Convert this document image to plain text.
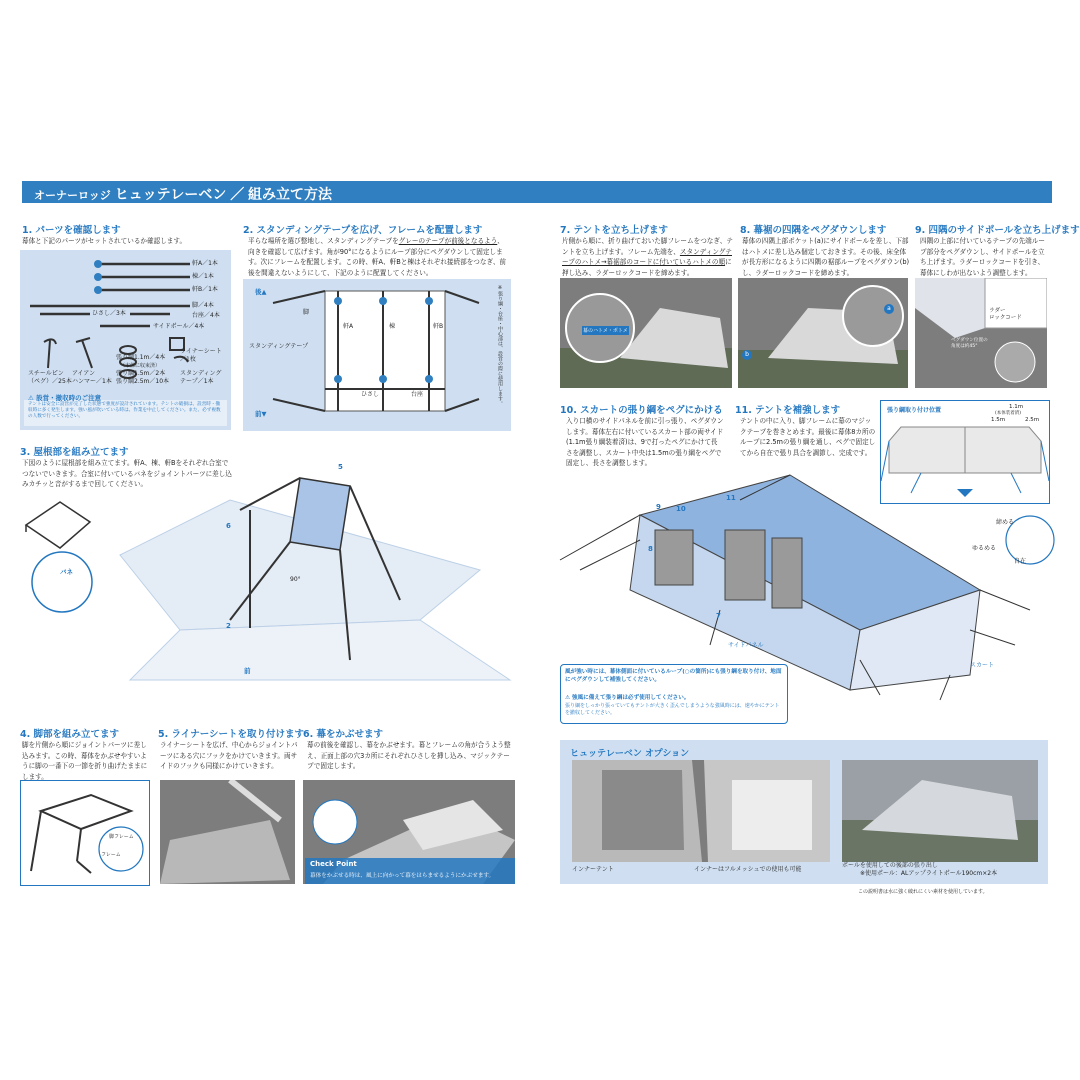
オーナーロッジ ヒュッテレーベン ／ 組み立て方法
1. パーツを確認します
幕体と下記のパーツがセットされているか確認します。
軒A／1本
棟／1本
軒B／1本
脚／4本
ひさし／3本	台座／4本
サイドポール／4本
スチールピン
（ペグ）／25本
アイアン
ハンマー／1本
張り綱1.1m／4本
（本体に収束済）
張り綱1.5m／2本
張り綱2.5m／10本
ライナーシート
／1枚
スタンディング
テープ／1本
⚠ 設営・撤収時のご注意
テントは安全に設営が完了した状態で強度が設計されています。テントの破損は、設営時・撤収時に多く発生します。強い風が吹いている時は、作業を中止してください。また、必ず複数の人数で行ってください。
2. スタンディングテープを広げ、フレームを配置します
平らな場所を選び整地し、スタンディングテープをグレーのテープが前後となるよう、向きを確認して広げます。角が90°になるようにループ部分にペグダウンして固定します。次にフレームを配置します。この時、軒A、軒Bと棟はそれぞれ接続部をつなぎ、前後を間違えないようにして、下記のように配置してください。
後▲
前▼
脚
軒A	棟	軒B
スタンディングテープ
ひさし	台座	※張り綱・台座・中心部は、設営の際に使用します。
3. 屋根部を組み立てます
下図のように屋根部を組み立てます。軒A、棟、軒Bをそれぞれ合室でつないでいきます。合室に付いているバネをジョイントパーツに差し込みカチッと音がするまで回してください。
バネ
前
5
6
2
90°
4. 脚部を組み立てます
脚を片側から順にジョイントパーツに差し込みます。この時、幕体をかぶせやすいように脚の一番下の一節を折り曲げたままにします。
脚フレーム
フレーム
5. ライナーシートを取り付けます
ライナーシートを広げ、中心からジョイントパーツにある穴にフックをかけていきます。両サイドのフックも同様にかけていきます。
6. 幕をかぶせます
幕の前後を確認し、幕をかぶせます。幕とフレームの角が合うよう整え、正面上部の穴3カ所にそれぞれひさしを挿し込み、マジックテープで固定します。
Check Point
幕体をかぶせる時は、風上に向かって幕をはらませるようにかぶせます。
7. テントを立ち上げます
片側から順に、折り曲げておいた脚フレームをつなぎ、テントを立ち上げます。フレーム先端を、スタンディングテープのハトメ→幕裾部のコードに付いているハトメの順に押し込み、ラダーロックコードを締めます。
幕のハトメ・ボトメ
8. 幕裾の四隅をペグダウンします
幕体の四隅上部ポケット(a)にサイドポールを差し、下部はハトメに差し込み個定しておきます。その後、床全体が長方形になるように四隅の裾部ループをペグダウン(b)し、ラダーロックコードを締めます。
a
b
9. 四隅のサイドポールを立ち上げます
四隅の上部に付いているテープの先端ループ部分をペグダウンし、サイドポールを立ち上げます。ラダーロックコードを引き、幕体にしわが出ないよう調整します。
ラダー
ロックコード
ペグダウン位置の
角度は約45°
10. スカートの張り綱をペグにかける
入り口横のサイドパネルを前に引っ張り、ペグダウンします。幕体左右に付いているスカート部の両サイド(1.1m張り綱装着済)は、9で打ったペグにかけて長さを調整し、スカート中央は1.5mの張り綱をペグで固定し、長さを調整します。
11. テントを補強します
テントの中に入り、脚フレームに幕のマジックテープを巻きとめます。最後に幕体8カ所のループに2.5mの張り綱を通し、ペグで固定してから自在で張り具合を調節し、完成です。
張り綱取り付け位置	1.1m
(本体装着済)
1.5m	2.5m
9 10
11
8
7
サイドパネル
スカート
締める
ゆるめる
自在
風が強い時には、幕体側面に付いているループ(○の箇所)にも張り綱を取り付け、地面にペグダウンして補強してください。
⚠ 強風に備えて張り綱は必ず使用してください。
張り綱をしっかり張っていてもテントが大きく歪んでしまうような強風時には、速やかにテントを撤収してください。
ヒュッテレーベン オプション
インナーテント	インナーはフルメッシュでの使用も可能
ポールを使用しての後部の張り出し
※使用ポール：ALアップライトポール190cm×2本
この説明書は水に強く破れにくい素材を使用しています。
